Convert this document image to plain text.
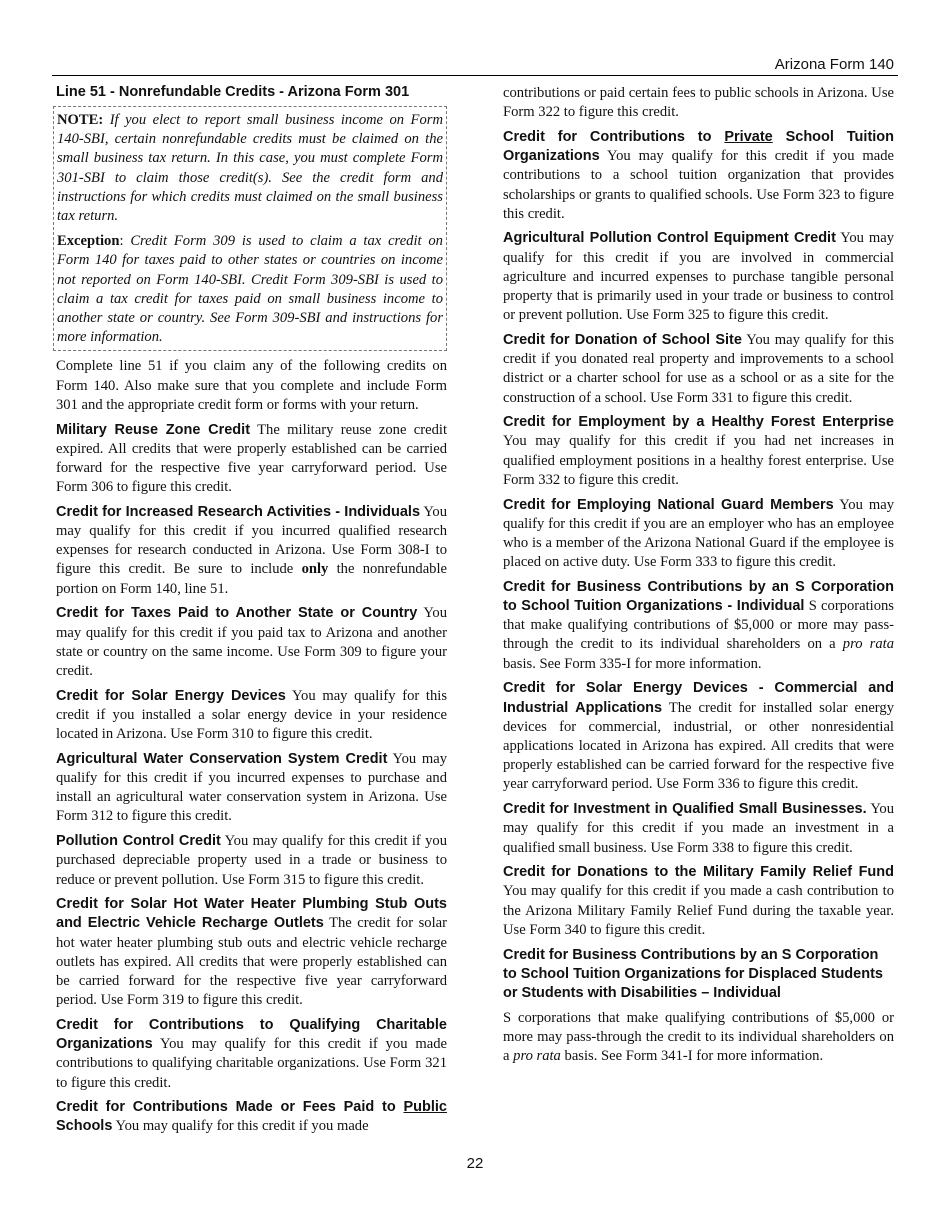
Arizona Form 140
Line 51 - Nonrefundable Credits - Arizona Form 301

NOTE: If you elect to report small business income on Form 140-SBI, certain nonrefundable credits must be claimed on the small business tax return. In this case, you must complete Form 301-SBI to claim those credit(s). See the credit form and instructions for which credits must claimed on the small business tax return.

Exception: Credit Form 309 is used to claim a tax credit on Form 140 for taxes paid to other states or countries on income not reported on Form 140-SBI. Credit Form 309-SBI is used to claim a tax credit for taxes paid on small business income to another state or country. See Form 309-SBI and instructions for more information.

Complete line 51 if you claim any of the following credits on Form 140. Also make sure that you complete and include Form 301 and the appropriate credit form or forms with your return.

Military Reuse Zone Credit The military reuse zone credit expired. All credits that were properly established can be carried forward for the respective five year carryforward period. Use Form 306 to figure this credit.

Credit for Increased Research Activities - Individuals You may qualify for this credit if you incurred qualified research expenses for research conducted in Arizona. Use Form 308-I to figure this credit. Be sure to include only the nonrefundable portion on Form 140, line 51.

Credit for Taxes Paid to Another State or Country You may qualify for this credit if you paid tax to Arizona and another state or country on the same income. Use Form 309 to figure your credit.

Credit for Solar Energy Devices You may qualify for this credit if you installed a solar energy device in your residence located in Arizona. Use Form 310 to figure this credit.

Agricultural Water Conservation System Credit You may qualify for this credit if you incurred expenses to purchase and install an agricultural water conservation system in Arizona. Use Form 312 to figure this credit.

Pollution Control Credit You may qualify for this credit if you purchased depreciable property used in a trade or business to reduce or prevent pollution. Use Form 315 to figure this credit.

Credit for Solar Hot Water Heater Plumbing Stub Outs and Electric Vehicle Recharge Outlets The credit for solar hot water heater plumbing stub outs and electric vehicle recharge outlets has expired. All credits that were properly established can be carried forward for the respective five year carryforward period. Use Form 319 to figure this credit.

Credit for Contributions to Qualifying Charitable Organizations You may qualify for this credit if you made contributions to qualifying charitable organizations. Use Form 321 to figure this credit.

Credit for Contributions Made or Fees Paid to Public Schools You may qualify for this credit if you made

contributions or paid certain fees to public schools in Arizona. Use Form 322 to figure this credit.

Credit for Contributions to Private School Tuition Organizations You may qualify for this credit if you made contributions to a school tuition organization that provides scholarships or grants to qualified schools. Use Form 323 to figure this credit.

Agricultural Pollution Control Equipment Credit You may qualify for this credit if you are involved in commercial agriculture and incurred expenses to purchase tangible personal property that is primarily used in your trade or business to control or prevent pollution. Use Form 325 to figure this credit.

Credit for Donation of School Site You may qualify for this credit if you donated real property and improvements to a school district or a charter school for use as a school or as a site for the construction of a school. Use Form 331 to figure this credit.

Credit for Employment by a Healthy Forest Enterprise You may qualify for this credit if you had net increases in qualified employment positions in a healthy forest enterprise. Use Form 332 to figure this credit.

Credit for Employing National Guard Members You may qualify for this credit if you are an employer who has an employee who is a member of the Arizona National Guard if the employee is placed on active duty. Use Form 333 to figure this credit.

Credit for Business Contributions by an S Corporation to School Tuition Organizations - Individual S corporations that make qualifying contributions of $5,000 or more may pass-through the credit to its individual shareholders on a pro rata basis. See Form 335-I for more information.

Credit for Solar Energy Devices - Commercial and Industrial Applications The credit for installed solar energy devices for commercial, industrial, or other nonresidential applications located in Arizona has expired. All credits that were properly established can be carried forward for the respective five year carryforward period. Use Form 336 to figure this credit.

Credit for Investment in Qualified Small Businesses. You may qualify for this credit if you made an investment in a qualified small business. Use Form 338 to figure this credit.

Credit for Donations to the Military Family Relief Fund You may qualify for this credit if you made a cash contribution to the Arizona Military Family Relief Fund during the taxable year. Use Form 340 to figure this credit.

Credit for Business Contributions by an S Corporation to School Tuition Organizations for Displaced Students or Students with Disabilities – Individual

S corporations that make qualifying contributions of $5,000 or more may pass-through the credit to its individual shareholders on a pro rata basis. See Form 341-I for more information.

22
